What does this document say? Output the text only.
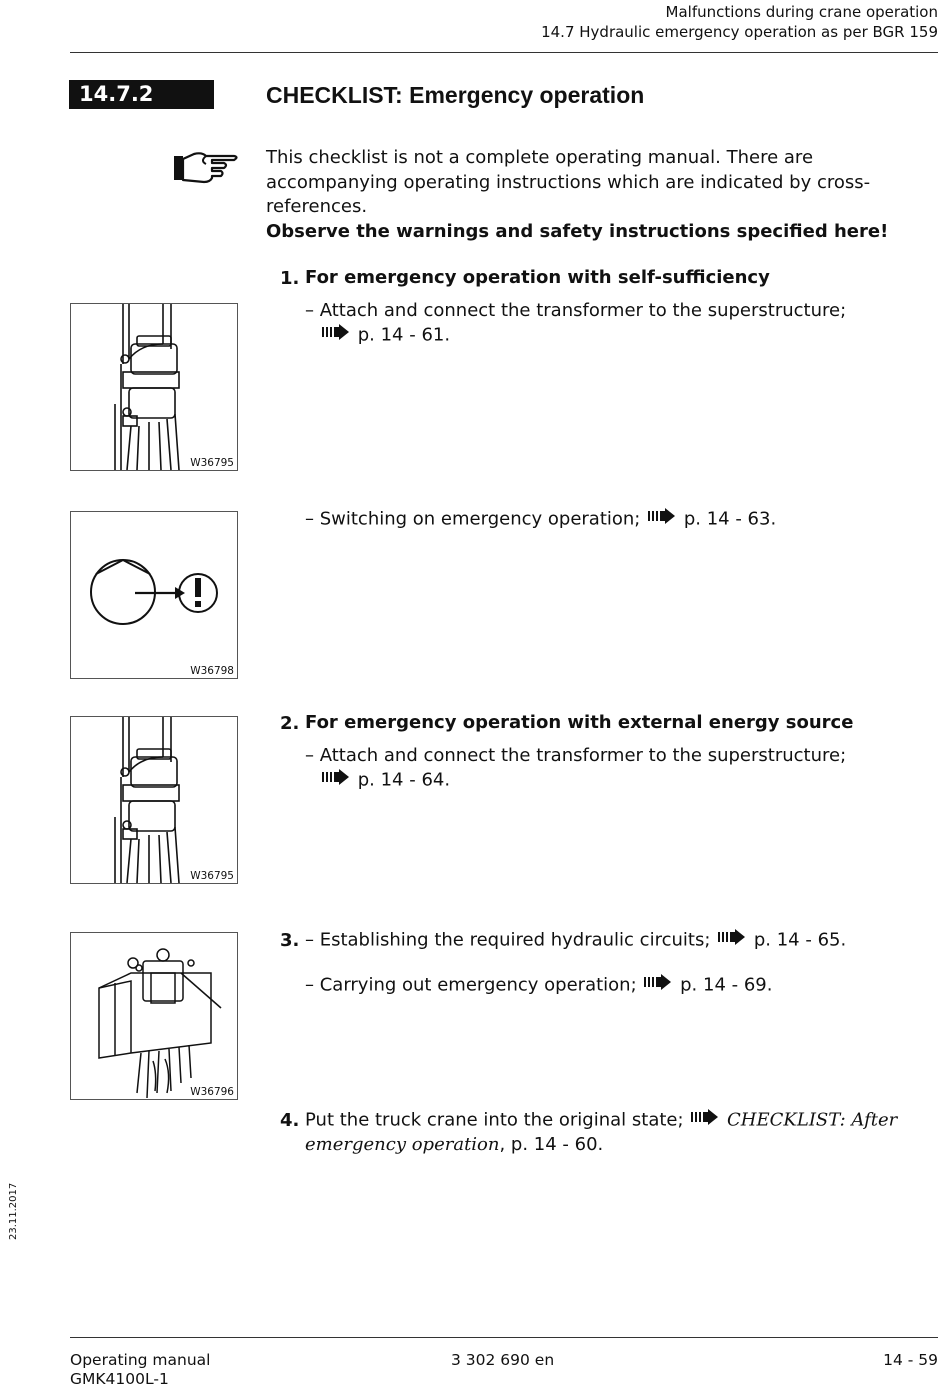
Malfunctions during crane operation
14.7 Hydraulic emergency operation as per BGR 159
14.7.2	CHECKLIST: Emergency operation
This checklist is not a complete operating manual. There are accompanying operating instructions which are indicated by cross-references.
Observe the warnings and safety instructions specified here!
1. For emergency operation with self-sufficiency
– Attach and connect the transformer to the superstructure;
p. 14 - 61.
W36795
W36798
– Switching on emergency operation; p. 14 - 63.
W36795
2. For emergency operation with external energy source
– Attach and connect the transformer to the superstructure;
p. 14 - 64.
W36796
3. – Establishing the required hydraulic circuits; p. 14 - 65.
– Carrying out emergency operation; p. 14 - 69.
4. Put the truck crane into the original state; CHECKLIST: After emergency operation, p. 14 - 60.
23.11.2017
Operating manual
GMK4100L-1
3 302 690 en	14 - 59
